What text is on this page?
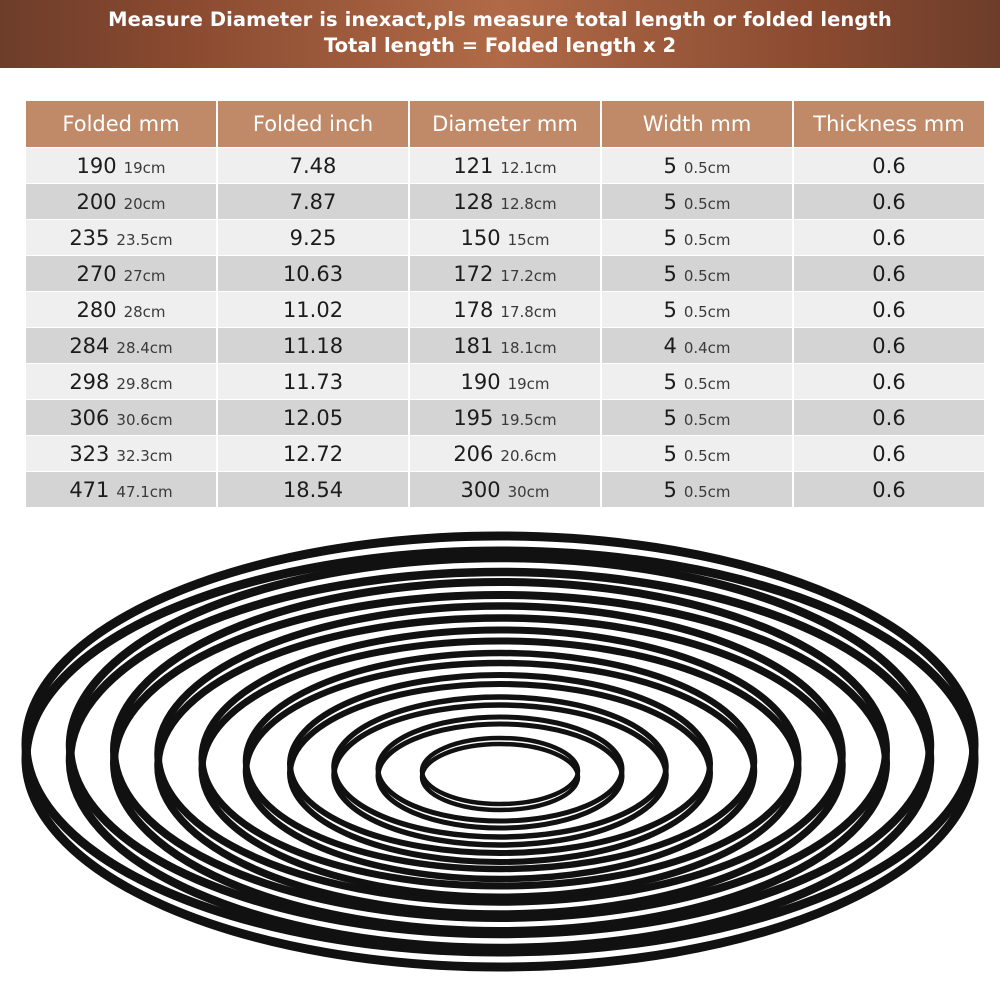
Measure Diameter is inexact,pls measure total length or folded length
Total length = Folded length x 2
Folded mm	Folded inch	Diameter mm	Width mm	Thickness mm

190 19cm	7.48	121 12.1cm	5 0.5cm	0.6

200 20cm	7.87	128 12.8cm	5 0.5cm	0.6

235 23.5cm	9.25	150 15cm	5 0.5cm	0.6

270 27cm	10.63	172 17.2cm	5 0.5cm	0.6

280 28cm	11.02	178 17.8cm	5 0.5cm	0.6

284 28.4cm	11.18	181 18.1cm	4 0.4cm	0.6

298 29.8cm	11.73	190 19cm	5 0.5cm	0.6

306 30.6cm	12.05	195 19.5cm	5 0.5cm	0.6

323 32.3cm	12.72	206 20.6cm	5 0.5cm	0.6

471 47.1cm	18.54	300 30cm	5 0.5cm	0.6
